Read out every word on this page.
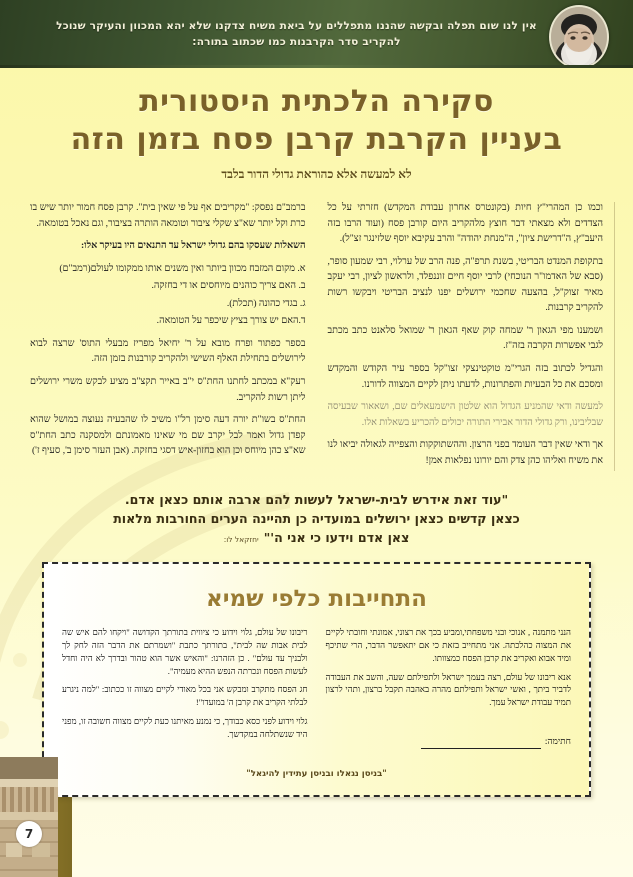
אין לנו שום תפלה ובקשה שהננו מתפללים על ביאת משיח צדקנו שלא יהא המכוון והעיקר שנוכל
להקריב סדר הקרבנות כמו שכתוב בתורה:
סקירה הלכתית היסטורית
בעניין הקרבת קרבן פסח בזמן הזה
לא למעשה אלא כהוראת גדולי הדור בלבד

וכמו כן המהרי"ץ חיות (בקונטרס אחרון עבודת המקדש) חזרתי על כל הצדדים ולא מצאתי דבר חוצץ מלהקריב היום קורבן פסח (ועוד הרבו בזה היעב"ץ, ה"דרישת ציון", ה"מנחת יהודה" והרב עקיבא יוסף שלזינגר זצ"ל).

בתקופת המנדט הבריטי, בשנת תרפ"ה, פנה הרב של ערלוי, רבי שמעון סופר, (סבא של האדמו"ר הנוכחי) לרבי יוסף חיים זוננפלד, ולראשון לציון, רבי יעקב מאיר זצוק"ל, בהצעה שחכמי ירושלים יפנו לנציב הבריטי ויבקשו רשות להקריב קרבנות.

ושמענו מפי הגאון ר' שמחה קוק שאף הגאון ר' שמואל סלאנט כתב מכתב לגבי אפשרות הקרבה בזה"ז.

והגדיל לכתוב בזה הגרי"מ טוקטינצקי זצו"קל בספר עיר הקודש והמקדש ומסכם את כל הבעיות והפתרונות, לדעתו ניתן לקיים המצווה לדורנו.

למעשה ודאי שהמניע הגדול הוא שלטון הישמעאלים שם, ושאאור שבעיסה שבליבינו, ורק גדולי הדור אבירי התורה יכולים להכריע בשאלות אלו.

אך ודאי שאין דבר העומד בפני הרצון. וההשתוקקות והצפייה לגאולה יביאו לנו את משיח ואליהו כהן צדק והם יורונו נפלאות אמן!

ברמב"ם נפסק: "מקריבים אף על פי שאין בית". קרבן פסח חמור יותר שיש בו כרת וקל יותר שא"צ שקלי ציבור וטומאה הותרה בציבור, וגם נאכל בטומאה.

השאלות שעסקו בהם גדולי ישראל עד התנאים היו בעיקר אלו:

א. מקום המזבח מכוון ביותר ואין משנים אותו ממקומו לעולם(רמב"ם)

ב. האם צריך כוהנים מיוחסים או די בחזקה.

ג. בגדי כהונה (תכלת).

ד.האם יש צורך בציץ שיכפר על הטומאה.

בספר כפתור ופרח מובא על ר' יחיאל מפריז מבעלי התוס' שרצה לבוא לירושלים בתחילת האלף השישי ולהקריב קורבנות בזמן הזה.

רעק"א במכתב לחתנו החת"ס י"ב באייר תקצ"ב מציע לבקש משרי ירושלים ליתן רשות להקריב.

החת"ס בשו"ת יורה דעה סימן רל"ו משיב לו שהבעיה נעוצה במושל שהוא קפדן גדול ואמר לבל יקרב שם מי שאינו מאמונתם ולמסקנה כתב החת"ס שא"צ כהן מיוחס וכן הוא בחזון-איש דסגי בחזקה. (אבן העזר סימן ב', סעיף ז')

"עוד זאת אידרש לבית-ישראל לעשות להם ארבה אותם כצאן אדם.
כצאן קדשים כצאן ירושלים במועדיה כן תהיינה הערים החורבות מלאות
צאן אדם וידעו כי אני ה'"יחזקאל לו:
התחייבות כלפי שמיא

הנני מתמנה , אנוכי ובני משפחתי,ומביע בכך את רצוני, אמונתי וחובתי לקיים את המצוה כהלכתה. אני מתחייב בזאת כי אם יתאפשר הדבר, הרי שתיכף ומיד אבוא ואקריב את קרבן הפסח כמצוותו.

אנא ריבונו של עולם, רצה בעמך ישראל ולתפילתם שעה, והשב את העבודה לדביר ביתך , ואשי ישראל ותפילתם מהרה באהבה תקבל ברצון, ותהי לרצון תמיד עבודת ישראל עמך.

חתימה:

ריבונו של עולם, גלוי וידוע כי ציווית בתורתך הקדושה "ויקחו להם איש שה לבית אבות שה לבית", בתורתך כתבת "ושמרתם את הדבר הזה לחק לך ולבניך עד עולם" . כן הזהרנו: "והאיש אשר הוא טהור ובדרך לא היה וחדל לעשות הפסח ונכרתה הנפש ההיא מעמיה".

חג הפסח מתקרב ומבקש אני בכל מאודי לקיים מצווה זו ככתוב: "למה ניגרע לבלתי הקריב את קרבן ה' במועדו"!

גלוי וידוע לפני כסא כבודך, כי נמנע מאיתנו כעת לקיים מצווה חשובה זו, מפני היד שנשתלחה במקדשך.

"בניסן נגאלו ובניסן עתידין להיגאל"
7
